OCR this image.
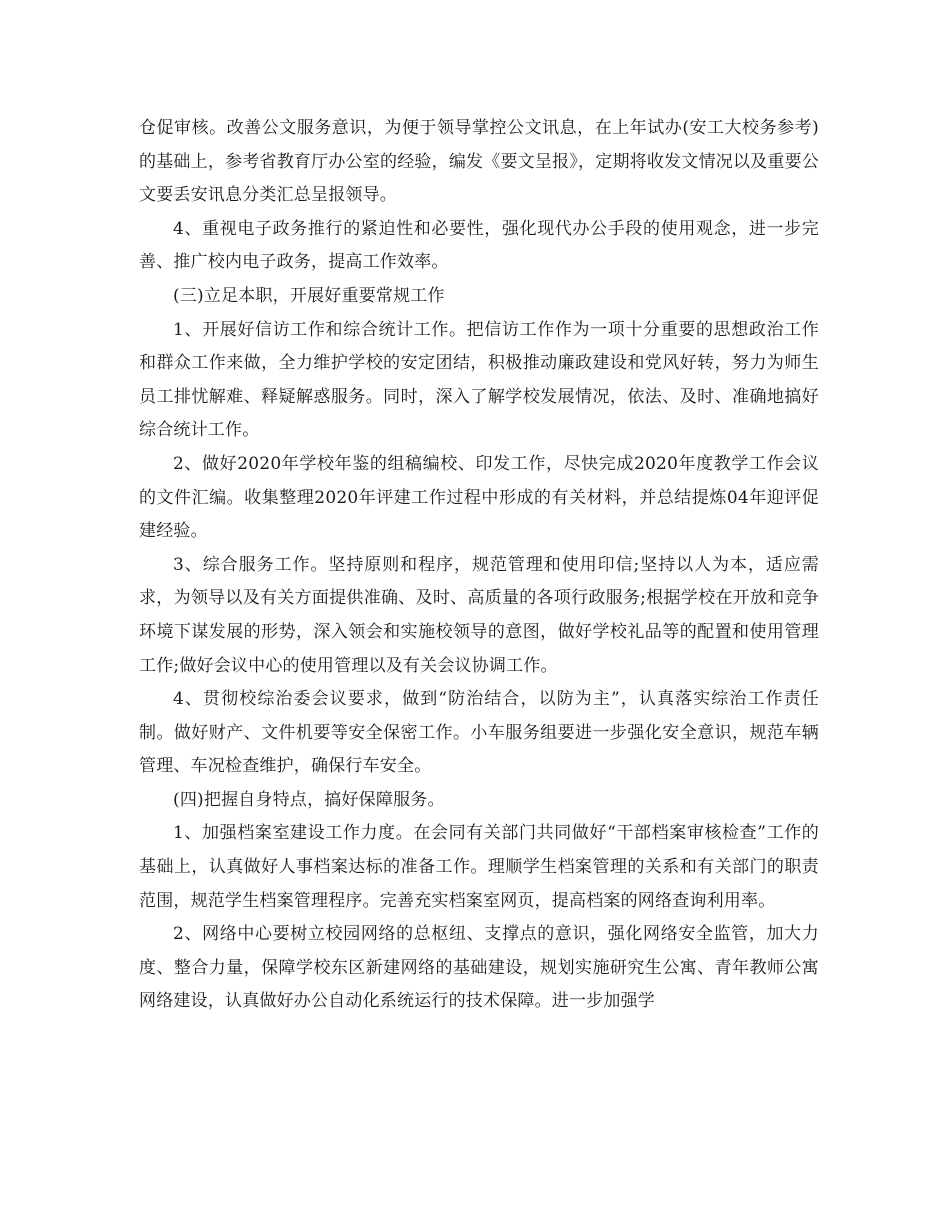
仓促审核。改善公文服务意识，为便于领导掌控公文讯息，在上年试办(安工大校务参考)的基础上，参考省教育厅办公室的经验，编发《要文呈报》，定期将收发文情况以及重要公文要丢安讯息分类汇总呈报领导。

4、重视电子政务推行的紧迫性和必要性，强化现代办公手段的使用观念，进一步完善、推广校内电子政务，提高工作效率。

(三)立足本职，开展好重要常规工作

1、开展好信访工作和综合统计工作。把信访工作作为一项十分重要的思想政治工作和群众工作来做，全力维护学校的安定团结，积极推动廉政建设和党风好转，努力为师生员工排忧解难、释疑解惑服务。同时，深入了解学校发展情况，依法、及时、准确地搞好综合统计工作。

2、做好2020年学校年鉴的组稿编校、印发工作，尽快完成2020年度教学工作会议的文件汇编。收集整理2020年评建工作过程中形成的有关材料，并总结提炼04年迎评促建经验。

3、综合服务工作。坚持原则和程序，规范管理和使用印信;坚持以人为本，适应需求，为领导以及有关方面提供准确、及时、高质量的各项行政服务;根据学校在开放和竞争环境下谋发展的形势，深入领会和实施校领导的意图，做好学校礼品等的配置和使用管理工作;做好会议中心的使用管理以及有关会议协调工作。

4、贯彻校综治委会议要求，做到“防治结合，以防为主”，认真落实综治工作责任制。做好财产、文件机要等安全保密工作。小车服务组要进一步强化安全意识，规范车辆管理、车况检查维护，确保行车安全。

(四)把握自身特点，搞好保障服务。

1、加强档案室建设工作力度。在会同有关部门共同做好“干部档案审核检查”工作的基础上，认真做好人事档案达标的准备工作。理顺学生档案管理的关系和有关部门的职责范围，规范学生档案管理程序。完善充实档案室网页，提高档案的网络查询利用率。

2、网络中心要树立校园网络的总枢纽、支撑点的意识，强化网络安全监管，加大力度、整合力量，保障学校东区新建网络的基础建设，规划实施研究生公寓、青年教师公寓网络建设，认真做好办公自动化系统运行的技术保障。进一步加强学
